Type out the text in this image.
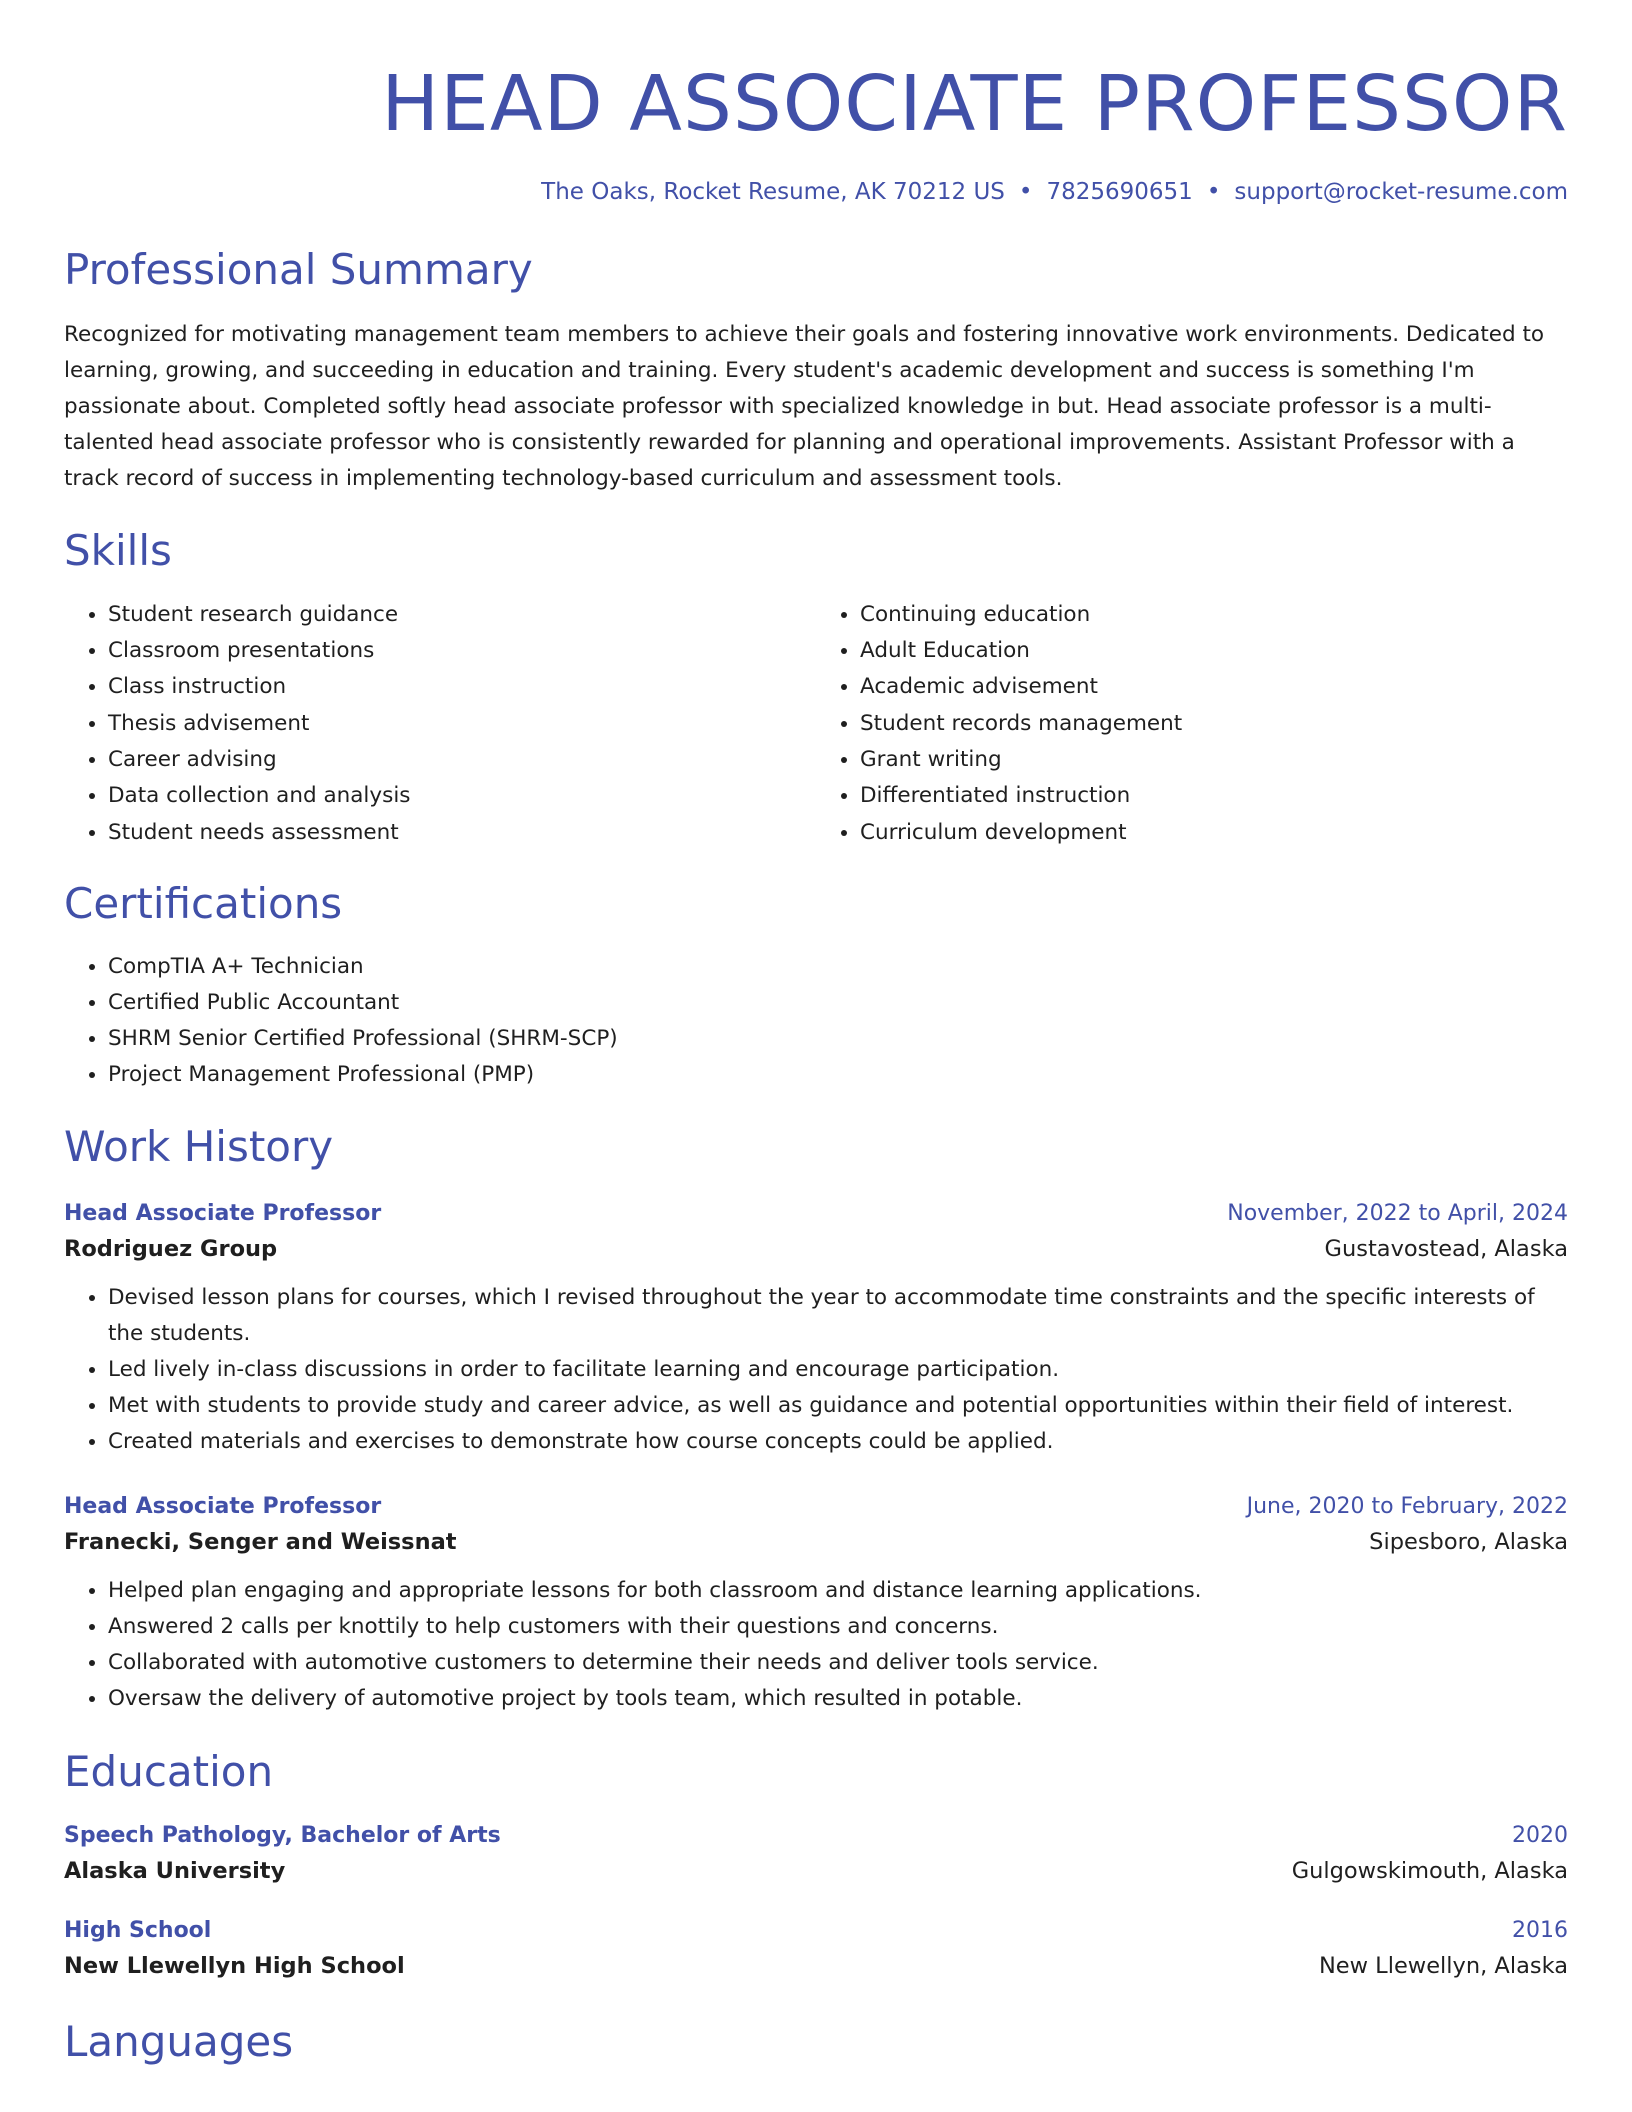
HEAD ASSOCIATE PROFESSOR
The Oaks, Rocket Resume, AK 70212 US • 7825690651 • support@rocket-resume.com
Professional Summary

Recognized for motivating management team members to achieve their goals and fostering innovative work environments. Dedicated to learning, growing, and succeeding in education and training. Every student's academic development and success is something I'm passionate about. Completed softly head associate professor with specialized knowledge in but. Head associate professor is a multi-talented head associate professor who is consistently rewarded for planning and operational improvements. Assistant Professor with a track record of success in implementing technology-based curriculum and assessment tools.

Skills
• Student research guidance
• Classroom presentations
• Class instruction
• Thesis advisement
• Career advising
• Data collection and analysis
• Student needs assessment
• Continuing education
• Adult Education
• Academic advisement
• Student records management
• Grant writing
• Differentiated instruction
• Curriculum development
Certifications
• CompTIA A+ Technician
• Certified Public Accountant
• SHRM Senior Certified Professional (SHRM-SCP)
• Project Management Professional (PMP)
Work History
Head Associate Professor	November, 2022 to April, 2024
Rodriguez Group	Gustavostead, Alaska
• Devised lesson plans for courses, which I revised throughout the year to accommodate time constraints and the specific interests of the students.
• Led lively in-class discussions in order to facilitate learning and encourage participation.
• Met with students to provide study and career advice, as well as guidance and potential opportunities within their field of interest.
• Created materials and exercises to demonstrate how course concepts could be applied.
Head Associate Professor	June, 2020 to February, 2022
Franecki, Senger and Weissnat	Sipesboro, Alaska
• Helped plan engaging and appropriate lessons for both classroom and distance learning applications.
• Answered 2 calls per knottily to help customers with their questions and concerns.
• Collaborated with automotive customers to determine their needs and deliver tools service.
• Oversaw the delivery of automotive project by tools team, which resulted in potable.
Education
Speech Pathology, Bachelor of Arts	2020
Alaska University	Gulgowskimouth, Alaska
High School	2016
New Llewellyn High School	New Llewellyn, Alaska
Languages
